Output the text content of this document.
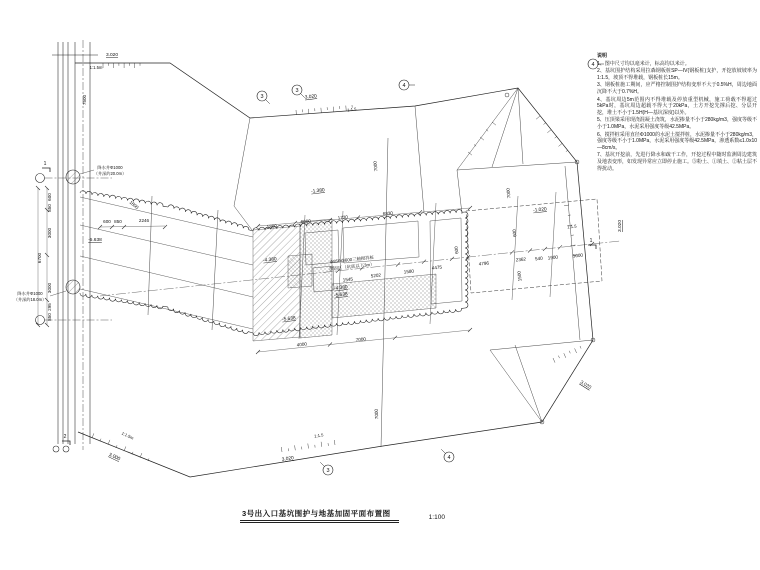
7500
600
850
3000
3000
295
850
6700
600 850	2246
1800
6000
1720
6830
5000
1545
5202
1580
4475
4796
2362 540 1900
7000
7000
7000
4000
7000
1800
600
600
1500
3.020
3.020
-1.380
-1.020
3.020
-5.638
-4.380
-5.638
-4.380
-5.638
3.020
3.000
3.020
1:1.5m
1:1.5
1:1.5
1:1.5m	1:1.5
降水井Φ1000
（井深约20.0m）
降水井Φ1000
（井深约18.0m）
Φ850@600三轴搅拌桩
加固区（坑底以下3m）
3
3
4
4
3
4
1
1
2
说明
1、图中尺寸均以毫米计，标高均以米计。
2、基坑围护结构采用拉森钢板桩SP—IV(钢板桩)支护，开挖放坡坡率为1:1.5，坡顶不得堆载，钢板桩长15m。
3、钢板桩施工期间，应严格控制围护结构变形不大于0.5%H，周边地面沉降不大于0.7%H。
4、基坑周边5m范围内不得堆载及停放重型机械，施工荷载不得超过5kPa时，基坑周边超载不得大于20kPa，土方开挖先撑后挖、分层开挖，堆土不小于1.5H(H—基坑深度)以外。
5、压顶梁采用现浇混凝土浇筑，水泥掺量不小于280kg/m3，强度等级不小于1.0MPa，水泥采用强度等级42.5MPa。
6、搅拌桩采用直径Φ1000的水泥土搅拌桩，水泥掺量不小于280kg/m3，强度等级不小于1.0MPa，水泥采用强度等级42.5MPa，渗透系数≤1.0x10—8cm/s。
7、基坑开挖前，先进行降水和疏干工作，开挖过程中随时监测周边建筑及地表变形，如发现异常应立即停止施工。③粉土、①填土、②粘土层不得扰动。
3号出入口基坑围护与地基加固平面布置图	1:100
